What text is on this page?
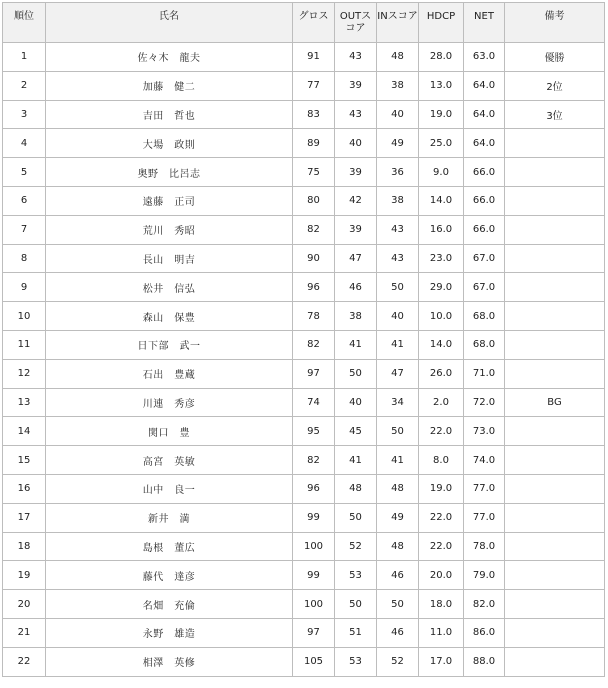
順位	氏名	グロス	OUTスコア	INスコア	HDCP	NET	備考
1	佐々木　龍夫	91	43	48	28.0	63.0	優勝
2	加藤　健二	77	39	38	13.0	64.0	2位
3	吉田　哲也	83	43	40	19.0	64.0	3位
4	大場　政則	89	40	49	25.0	64.0	
5	奥野　比呂志	75	39	36	9.0	66.0	
6	遠藤　正司	80	42	38	14.0	66.0	
7	荒川　秀昭	82	39	43	16.0	66.0	
8	長山　明吉	90	47	43	23.0	67.0	
9	松井　信弘	96	46	50	29.0	67.0	
10	森山　保豊	78	38	40	10.0	68.0	
11	日下部　武一	82	41	41	14.0	68.0	
12	石出　豊蔵	97	50	47	26.0	71.0	
13	川連　秀彦	74	40	34	2.0	72.0	BG
14	関口　豊	95	45	50	22.0	73.0	
15	高宮　英敏	82	41	41	8.0	74.0	
16	山中　良一	96	48	48	19.0	77.0	
17	新井　満	99	50	49	22.0	77.0	
18	島根　董広	100	52	48	22.0	78.0	
19	藤代　達彦	99	53	46	20.0	79.0	
20	名畑　充倫	100	50	50	18.0	82.0	
21	永野　雄造	97	51	46	11.0	86.0	
22	相澤　英修	105	53	52	17.0	88.0	
